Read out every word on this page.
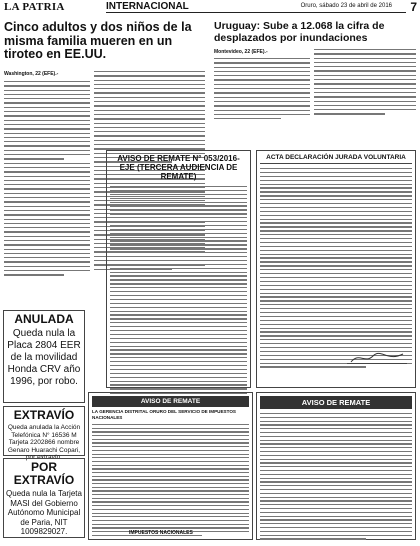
LA PATRIA	INTERNACIONAL	Oruro, sábado 23 de abril de 2016 7
Cinco adultos y dos niños de la misma familia mueren en un tiroteo en EE.UU.
Washington, 22 (EFE).-
Uruguay: Sube a 12.068 la cifra de desplazados por inundaciones
Montevideo, 22 (EFE).-
AVISO DE REMATE N° 053/2016-EJE (TERCERA AUDIENCIA DE REMATE)
ACTA DECLARACIÓN JURADA VOLUNTARIA
ANULADA
Queda nula la Placa 2804 EER de la movilidad Honda CRV año 1996, por robo.
EXTRAVÍO
Queda anulada la Acción Telefónica N° 16536 M Tarjeta 2202866 nombre Genaro Huarachi Copari, por extravío.
AVISO DE REMATE
LA GERENCIA DISTRITAL ORURO DEL SERVICIO DE IMPUESTOS NACIONALES
IMPUESTOS NACIONALES
AVISO DE REMATE
POR EXTRAVÍO
Queda nula la Tarjeta MASI del Gobierno Autónomo Municipal de Paria, NIT 1009829027.
